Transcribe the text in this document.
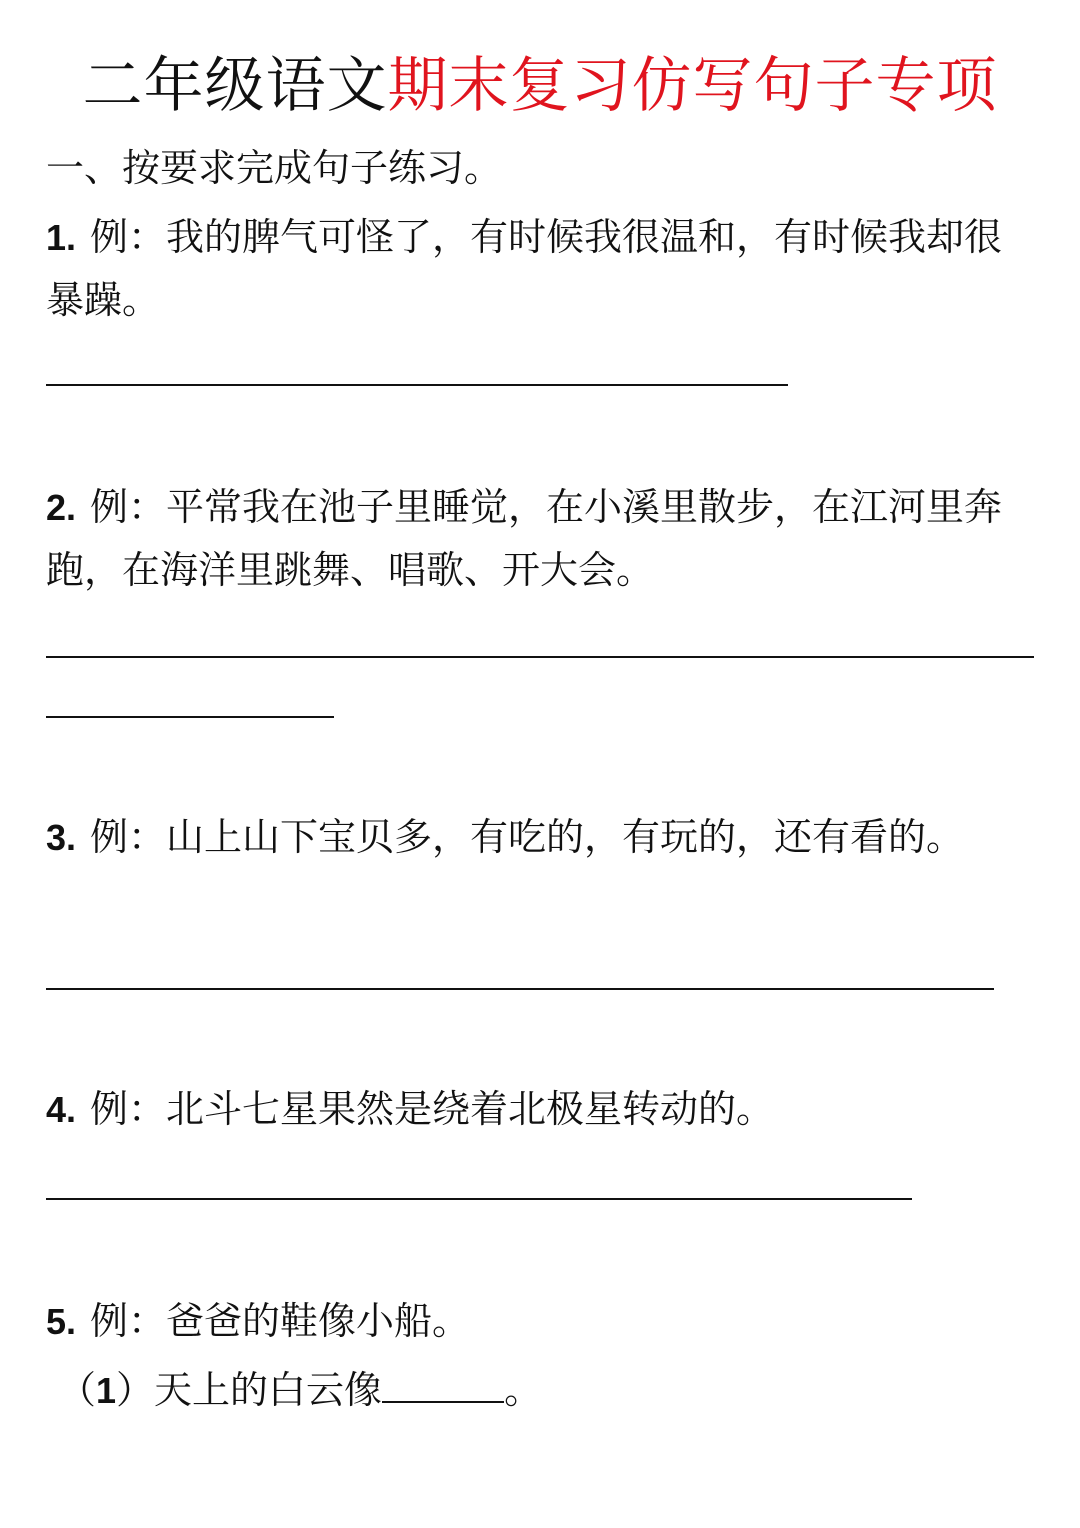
二年级语文期末复习仿写句子专项
一、按要求完成句子练习。
1. 例：我的脾气可怪了，有时候我很温和，有时候我却很暴躁。
2. 例：平常我在池子里睡觉，在小溪里散步，在江河里奔跑，在海洋里跳舞、唱歌、开大会。
3. 例：山上山下宝贝多，有吃的，有玩的，还有看的。
4. 例：北斗七星果然是绕着北极星转动的。
5. 例：爸爸的鞋像小船。
（1）天上的白云像	。
